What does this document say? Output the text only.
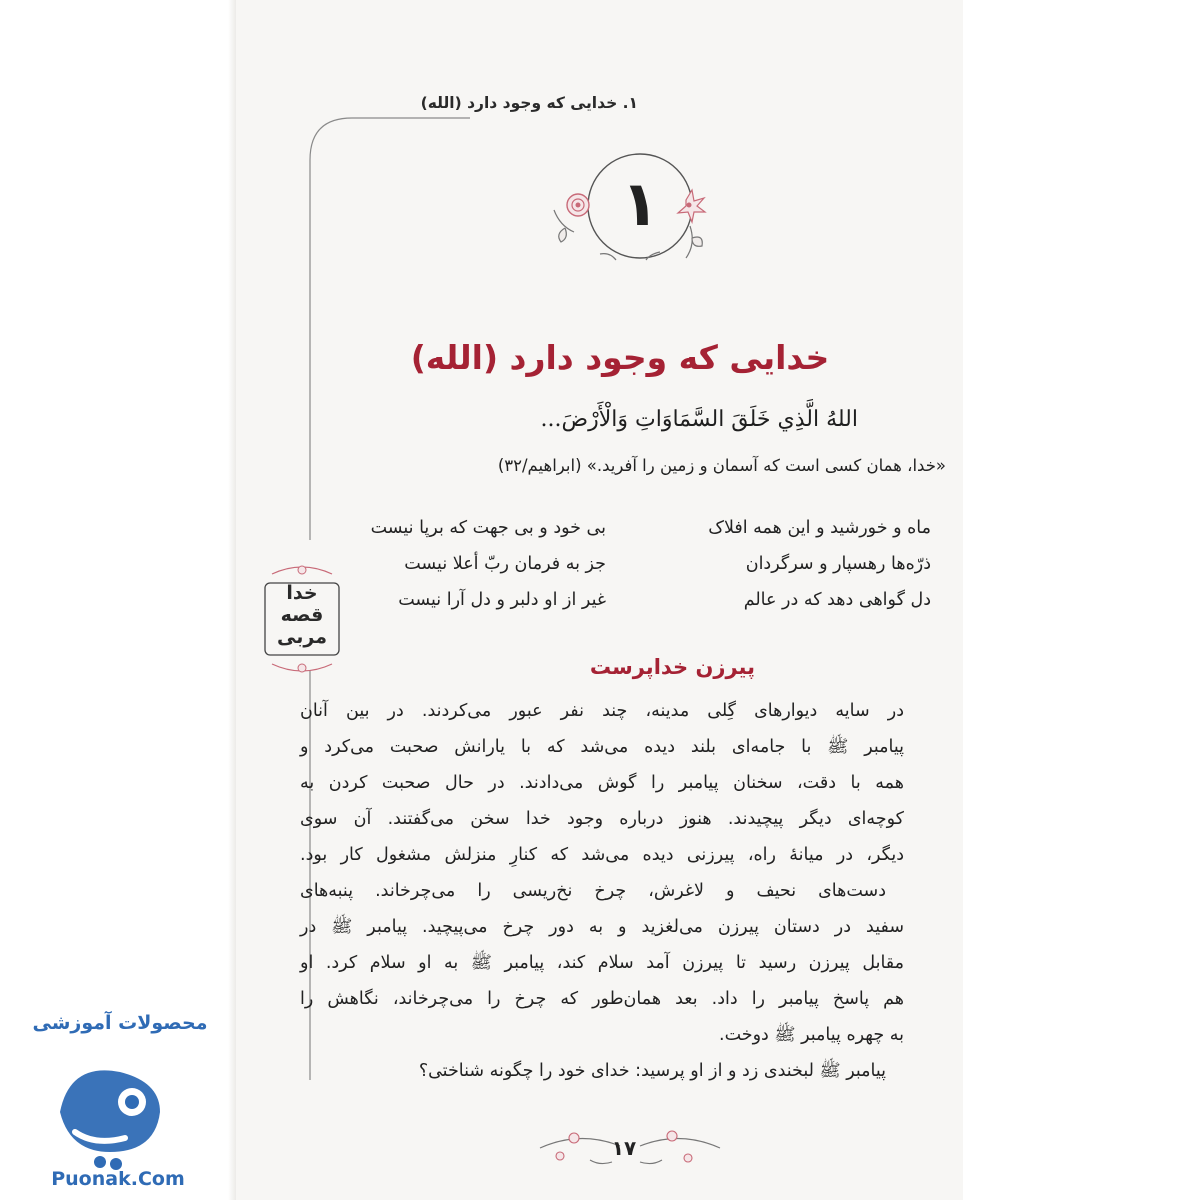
۱. خدایی که وجود دارد (الله)
۱
خدایی که وجود دارد (الله)
اللهُ الَّذِي خَلَقَ السَّمَاوَاتِ وَالْأَرْضَ...
«خدا، همان کسی است که آسمان و زمین را آفرید.» (ابراهیم/۳۲)
ماه و خورشید و این همه افلاک
ذرّه‌ها رهسپار و سرگردان
دل گواهی دهد که در عالم
بی خود و بی جهت که برپا نیست
جز به فرمان ربّ أعلا نیست
غیر از او دلبر و دل آرا نیست
خدا
قصه
مربی
پیرزن خداپرست
در سایه دیوارهای گِلی مدینه، چند نفر عبور می‌کردند. در بین آنان
پیامبر ﷺ با جامه‌ای بلند دیده می‌شد که با یارانش صحبت می‌کرد و
همه با دقت، سخنان پیامبر را گوش می‌دادند. در حال صحبت کردن به
کوچه‌ای دیگر پیچیدند. هنوز درباره وجود خدا سخن می‌گفتند. آن سوی
دیگر، در میانهٔ راه، پیرزنی دیده می‌شد که کنارِ منزلش مشغول کار بود.
دست‌های نحیف و لاغرش، چرخ نخ‌ریسی را می‌چرخاند. پنبه‌های
سفید در دستان پیرزن می‌لغزید و به دور چرخ می‌پیچید. پیامبر ﷺ در
مقابل پیرزن رسید تا پیرزن آمد سلام کند، پیامبر ﷺ به او سلام کرد. او
هم پاسخ پیامبر را داد. بعد همان‌طور که چرخ را می‌چرخاند، نگاهش را
به چهره پیامبر ﷺ دوخت.
پیامبر ﷺ لبخندی زد و از او پرسید: خدای خود را چگونه شناختی؟
۱۷
محصولات آموزشی
Puonak.Com
